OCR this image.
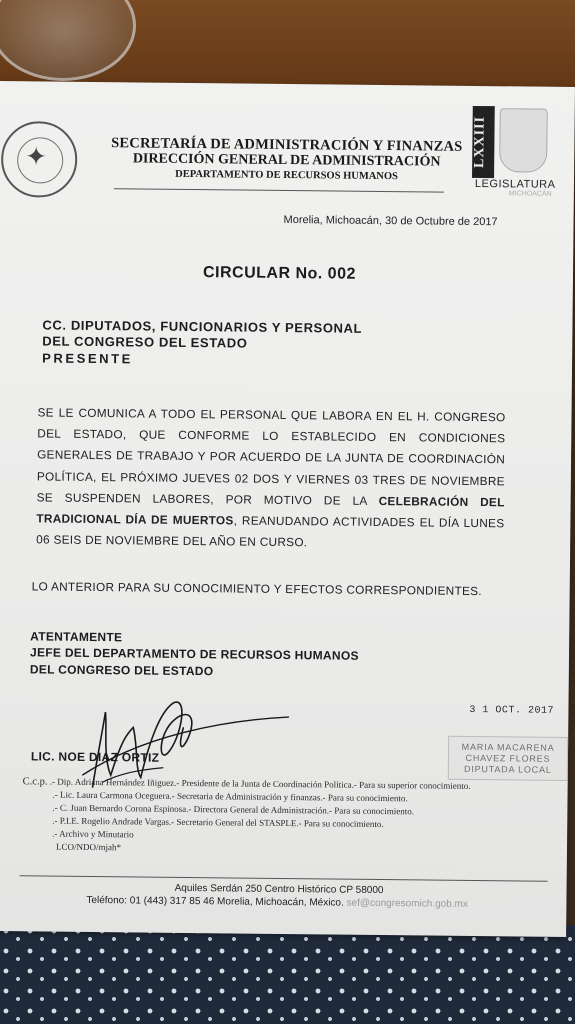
✦	SECRETARÍA DE ADMINISTRACIÓN Y FINANZAS
DIRECCIÓN GENERAL DE ADMINISTRACIÓN
DEPARTAMENTO DE RECURSOS HUMANOS
LXXIII
LEGISLATURA
MICHOACÁN
Morelia, Michoacán, 30 de Octubre de 2017
CIRCULAR No. 002
CC. DIPUTADOS, FUNCIONARIOS Y PERSONAL
DEL CONGRESO DEL ESTADO
PRESENTE
SE LE COMUNICA A TODO EL PERSONAL QUE LABORA EN EL H. CONGRESO DEL ESTADO, QUE CONFORME LO ESTABLECIDO EN CONDICIONES GENERALES DE TRABAJO Y POR ACUERDO DE LA JUNTA DE COORDINACIÓN POLÍTICA, EL PRÓXIMO JUEVES 02 DOS Y VIERNES 03 TRES DE NOVIEMBRE SE SUSPENDEN LABORES, POR MOTIVO DE LA CELEBRACIÓN DEL TRADICIONAL DÍA DE MUERTOS, REANUDANDO ACTIVIDADES EL DÍA LUNES 06 SEIS DE NOVIEMBRE DEL AÑO EN CURSO.
LO ANTERIOR PARA SU CONOCIMIENTO Y EFECTOS CORRESPONDIENTES.
ATENTAMENTE
JEFE DEL DEPARTAMENTO DE RECURSOS HUMANOS
DEL CONGRESO DEL ESTADO
LIC. NOE DIAZ ORTIZ
3 1 OCT. 2017
MARIA MACARENA
CHAVEZ FLORES
DIPUTADA LOCAL
C.c.p. .- Dip. Adriana Hernández Iñiguez.- Presidente de la Junta de Coordinación Política.- Para su superior conocimiento.
.- Lic. Laura Carmona Oceguera.- Secretaria de Administración y finanzas.- Para su conocimiento.
.- C. Juan Bernardo Corona Espinosa.- Directora General de Administración.- Para su conocimiento.
.- P.I.E. Rogelio Andrade Vargas.- Secretario General del STASPLE.- Para su conocimiento.
.- Archivo y Minutario
LCO/NDO/mjah*
Aquiles Serdán 250 Centro Histórico CP 58000
Teléfono: 01 (443) 317 85 46 Morelia, Michoacán, México. sef@congresomich.gob.mx
